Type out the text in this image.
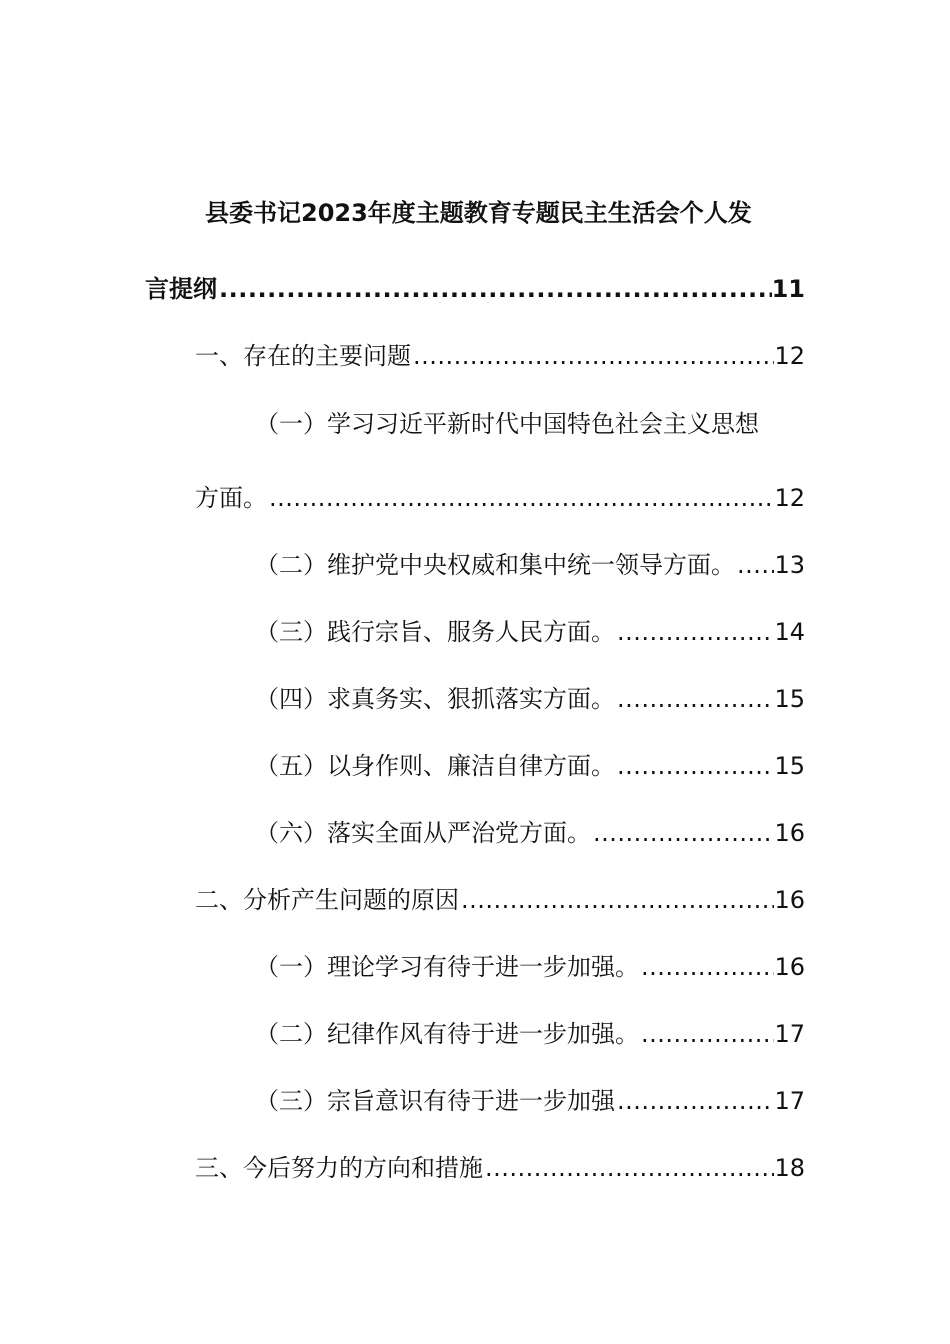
县委书记2023年度主题教育专题民主生活会个人发
言提纲 .....	11
一、存在的主要问题 .....	12
（一）学习习近平新时代中国特色社会主义思想
方面。 .....	12
（二）维护党中央权威和集中统一领导方面。 ..... 13
（三）践行宗旨、服务人民方面。 .....	14
（四）求真务实、狠抓落实方面。 .....	15
（五）以身作则、廉洁自律方面。 .....	15
（六）落实全面从严治党方面。 .....	16
二、分析产生问题的原因 .....	16
（一）理论学习有待于进一步加强。 .....	16
（二）纪律作风有待于进一步加强。 .....	17
（三）宗旨意识有待于进一步加强 .....	17
三、今后努力的方向和措施 .....	18
